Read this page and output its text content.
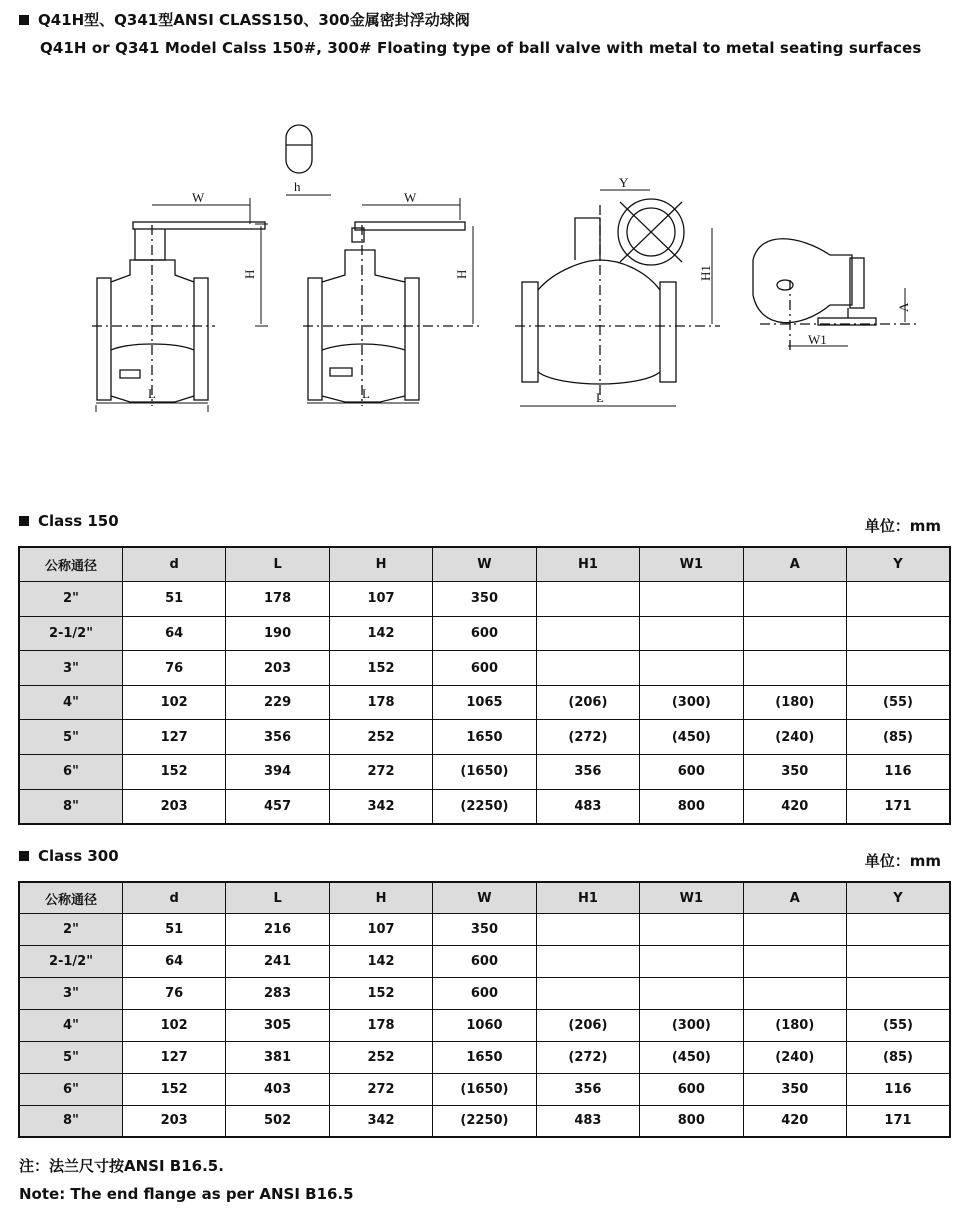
Q41H型、Q341型ANSI CLASS150、300金属密封浮动球阀
Q41H or Q341 Model Calss 150#, 300# Floating type of ball valve with metal to metal seating surfaces
W
H
L
h
W
H
L
Y
H1
L
W1
A
Class 150	单位：mm
公称通径	d	L	H	W	H1	W1	A	Y
2"	51	178	107	350				
2-1/2"	64	190	142	600				
3"	76	203	152	600				
4"	102	229	178	1065	(206)	(300)	(180)	(55)
5"	127	356	252	1650	(272)	(450)	(240)	(85)
6"	152	394	272	(1650)	356	600	350	116
8"	203	457	342	(2250)	483	800	420	171
Class 300	单位：mm
公称通径	d	L	H	W	H1	W1	A	Y
2"	51	216	107	350				
2-1/2"	64	241	142	600				
3"	76	283	152	600				
4"	102	305	178	1060	(206)	(300)	(180)	(55)
5"	127	381	252	1650	(272)	(450)	(240)	(85)
6"	152	403	272	(1650)	356	600	350	116
8"	203	502	342	(2250)	483	800	420	171
注：法兰尺寸按ANSI B16.5.
Note: The end flange as per ANSI B16.5
